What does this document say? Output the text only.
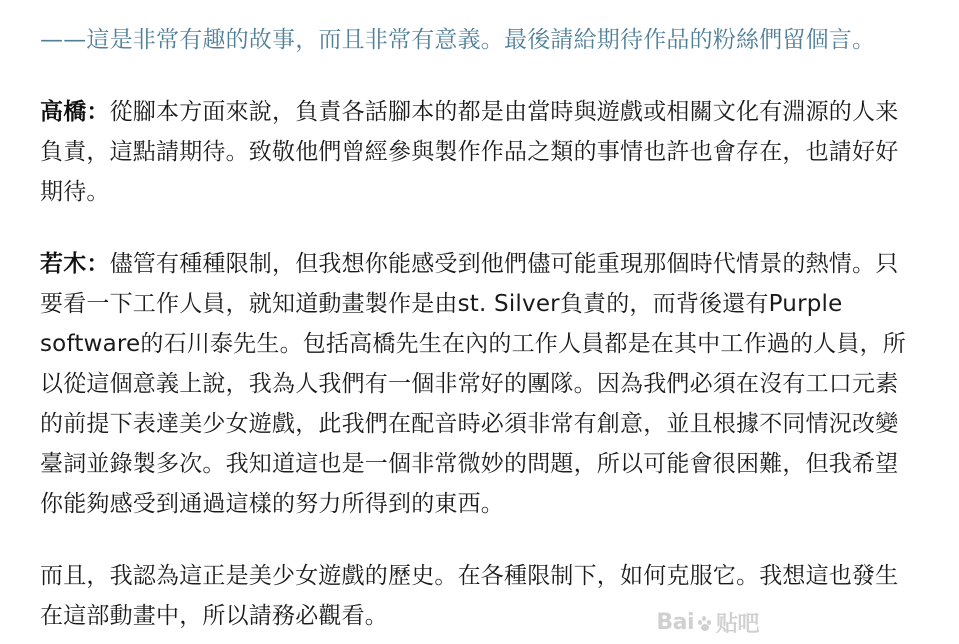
——這是非常有趣的故事，而且非常有意義。最後請給期待作品的粉絲們留個言。

高橋：從腳本方面來說，負責各話腳本的都是由當時與遊戲或相關文化有淵源的人来負責，這點請期待。致敬他們曾經參與製作作品之類的事情也許也會存在，也請好好期待。

若木：儘管有種種限制，但我想你能感受到他們儘可能重現那個時代情景的熱情。只要看一下工作人員，就知道動畫製作是由st. Silver負責的，而背後還有Purple software的石川泰先生。包括高橋先生在內的工作人員都是在其中工作過的人員，所以從這個意義上說，我為人我們有一個非常好的團隊。因為我們必須在沒有工口元素的前提下表達美少女遊戲，此我們在配音時必須非常有創意，並且根據不同情況改變臺詞並錄製多次。我知道這也是一個非常微妙的問題，所以可能會很困難，但我希望你能夠感受到通過這樣的努力所得到的東西。

而且，我認為這正是美少女遊戲的歷史。在各種限制下，如何克服它。我想這也發生在這部動畫中，所以請務必觀看。	Bai 贴吧
